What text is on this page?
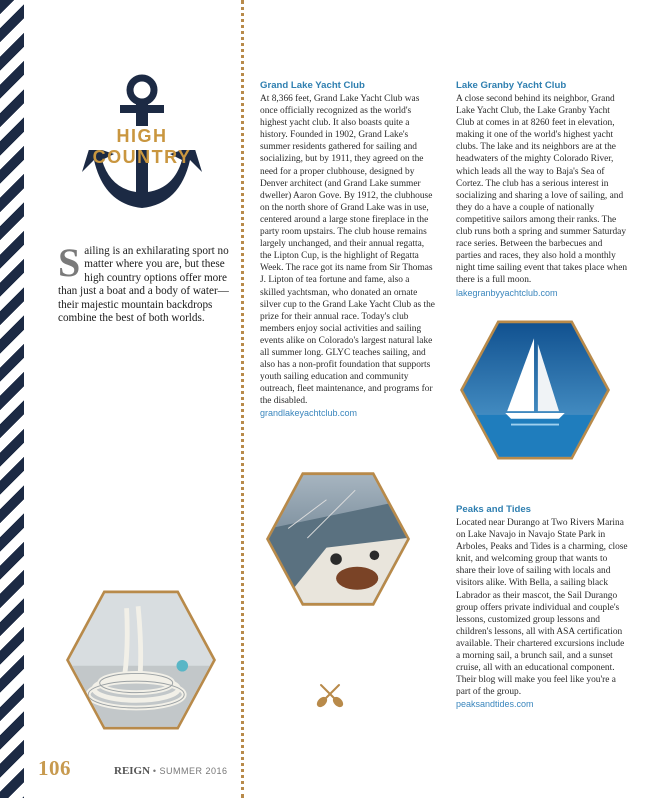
HIGH COUNTRY
Sailing is an exhilarating sport no matter where you are, but these high country options offer more than just a boat and a body of water—their majestic mountain backdrops combine the best of both worlds.
Grand Lake Yacht Club

At 8,366 feet, Grand Lake Yacht Club was once officially recognized as the world's highest yacht club. It also boasts quite a history. Founded in 1902, Grand Lake's summer residents gathered for sailing and socializing, but by 1911, they agreed on the need for a proper clubhouse, designed by Denver architect (and Grand Lake summer dweller) Aaron Gove. By 1912, the clubhouse on the north shore of Grand Lake was in use, centered around a large stone fireplace in the party room upstairs. The club house remains largely unchanged, and their annual regatta, the Lipton Cup, is the highlight of Regatta Week. The race got its name from Sir Thomas J. Lipton of tea fortune and fame, also a skilled yachtsman, who donated an ornate silver cup to the Grand Lake Yacht Club as the prize for their annual race. Today's club members enjoy social activities and sailing events alike on Colorado's largest natural lake all summer long. GLYC teaches sailing, and also has a non-profit foundation that supports youth sailing education and community outreach, fleet maintenance, and programs for the disabled.

grandlakeyachtclub.com
Lake Granby Yacht Club

A close second behind its neighbor, Grand Lake Yacht Club, the Lake Granby Yacht Club at comes in at 8260 feet in elevation, making it one of the world's highest yacht clubs. The lake and its neighbors are at the headwaters of the mighty Colorado River, which leads all the way to Baja's Sea of Cortez. The club has a serious interest in socializing and sharing a love of sailing, and they do a have a couple of nationally competitive sailors among their ranks. The club runs both a spring and summer Saturday race series. Between the barbecues and parties and races, they also hold a monthly night time sailing event that takes place when there is a full moon.

lakegranbyyachtclub.com
Peaks and Tides

Located near Durango at Two Rivers Marina on Lake Navajo in Navajo State Park in Arboles, Peaks and Tides is a charming, close knit, and welcoming group that wants to share their love of sailing with locals and visitors alike. With Bella, a sailing black Labrador as their mascot, the Sail Durango group offers private individual and couple's lessons, customized group lessons and children's lessons, all with ASA certification available. Their chartered excursions include a morning sail, a brunch sail, and a sunset cruise, all with an educational component. Their blog will make you feel like you're a part of the group.

peaksandtides.com
106	REIGN • SUMMER 2016
